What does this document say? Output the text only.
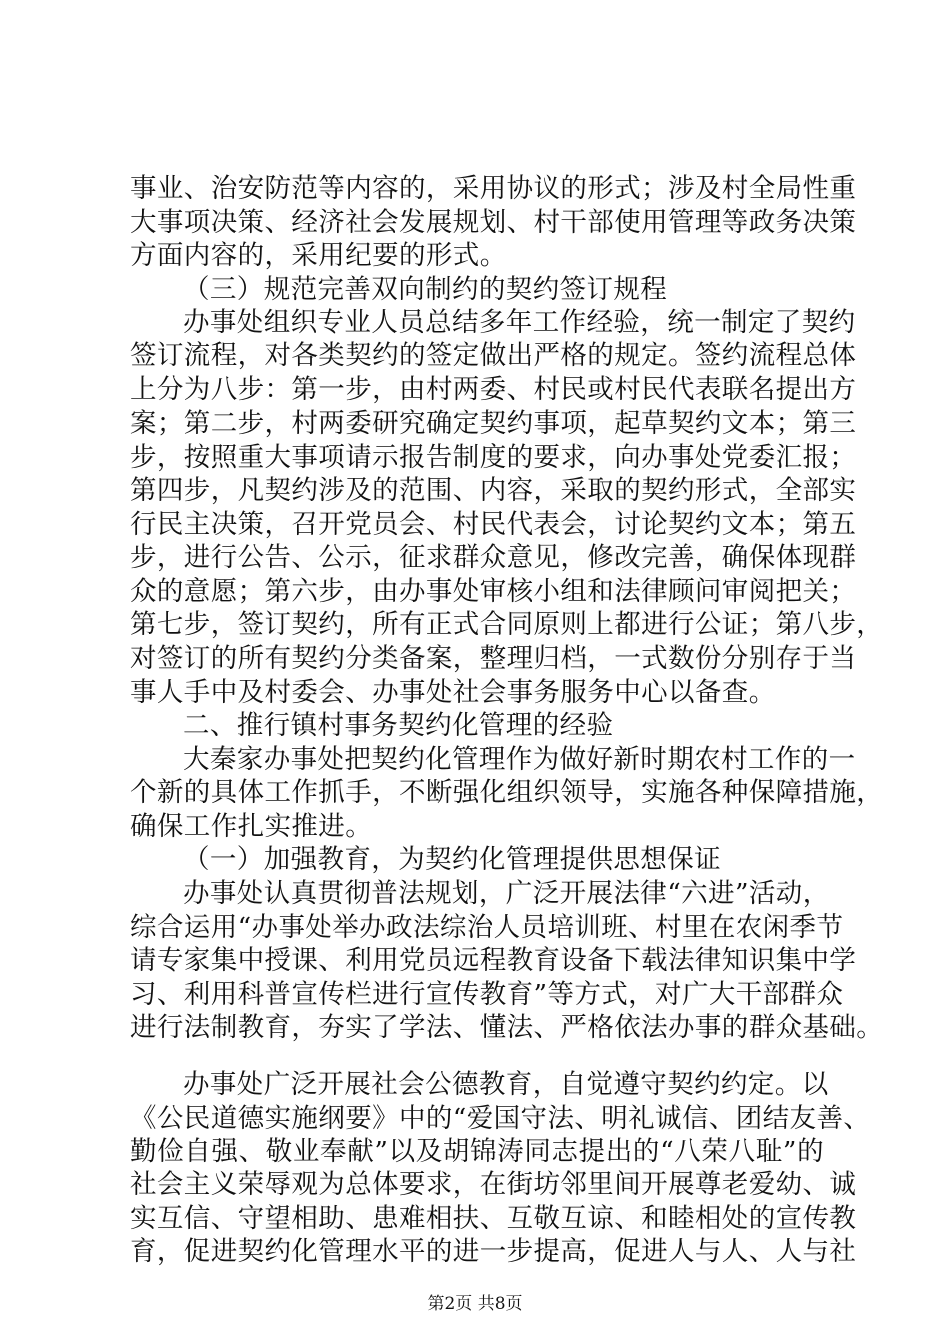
事业、治安防范等内容的，采用协议的形式；涉及村全局性重
大事项决策、经济社会发展规划、村干部使用管理等政务决策
方面内容的，采用纪要的形式。
（三）规范完善双向制约的契约签订规程
办事处组织专业人员总结多年工作经验，统一制定了契约
签订流程，对各类契约的签定做出严格的规定。签约流程总体
上分为八步：第一步，由村两委、村民或村民代表联名提出方
案；第二步，村两委研究确定契约事项，起草契约文本；第三
步，按照重大事项请示报告制度的要求，向办事处党委汇报；
第四步，凡契约涉及的范围、内容，采取的契约形式，全部实
行民主决策，召开党员会、村民代表会，讨论契约文本；第五
步，进行公告、公示，征求群众意见，修改完善，确保体现群
众的意愿；第六步，由办事处审核小组和法律顾问审阅把关；
第七步，签订契约，所有正式合同原则上都进行公证；第八步，
对签订的所有契约分类备案，整理归档，一式数份分别存于当
事人手中及村委会、办事处社会事务服务中心以备查。
二、推行镇村事务契约化管理的经验
大秦家办事处把契约化管理作为做好新时期农村工作的一
个新的具体工作抓手，不断强化组织领导，实施各种保障措施，
确保工作扎实推进。
（一）加强教育，为契约化管理提供思想保证
办事处认真贯彻普法规划，广泛开展法律“六进”活动，
综合运用“办事处举办政法综治人员培训班、村里在农闲季节
请专家集中授课、利用党员远程教育设备下载法律知识集中学
习、利用科普宣传栏进行宣传教育”等方式，对广大干部群众
进行法制教育，夯实了学法、懂法、严格依法办事的群众基础。
办事处广泛开展社会公德教育，自觉遵守契约约定。以
《公民道德实施纲要》中的“爱国守法、明礼诚信、团结友善、
勤俭自强、敬业奉献”以及胡锦涛同志提出的“八荣八耻”的
社会主义荣辱观为总体要求，在街坊邻里间开展尊老爱幼、诚
实互信、守望相助、患难相扶、互敬互谅、和睦相处的宣传教
育，促进契约化管理水平的进一步提高，促进人与人、人与社
第2页 共8页
